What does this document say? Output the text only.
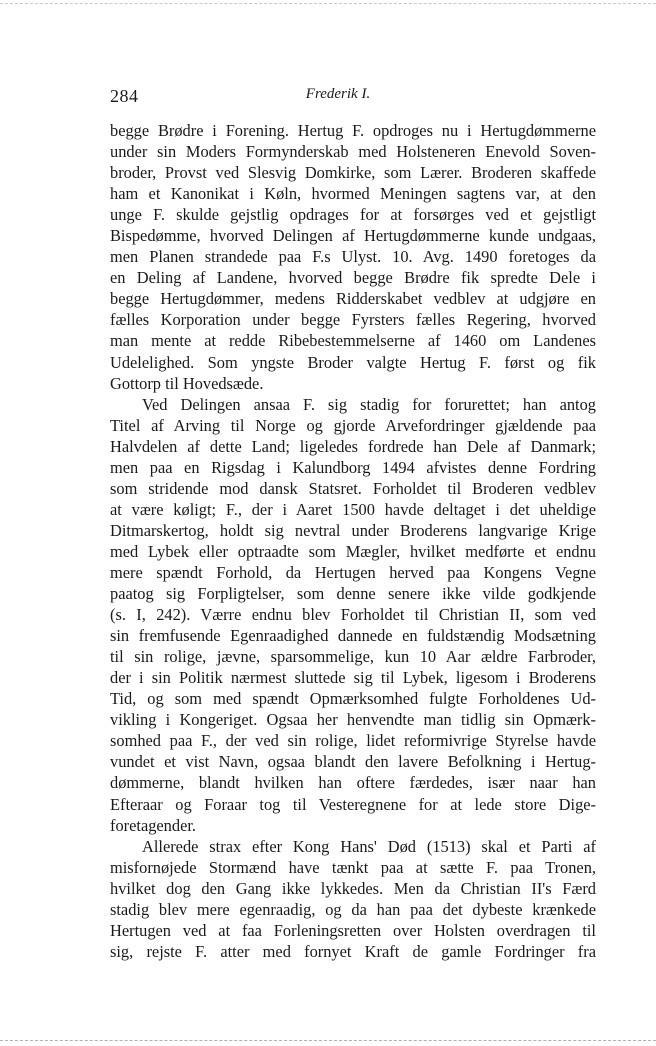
284	Frederik I.
begge Brødre i Forening. Hertug F. opdroges nu i Hertugdømmerne
under sin Moders Formynderskab med Holsteneren Enevold Soven-
broder, Provst ved Slesvig Domkirke, som Lærer. Broderen skaffede
ham et Kanonikat i Køln, hvormed Meningen sagtens var, at den
unge F. skulde gejstlig opdrages for at forsørges ved et gejstligt
Bispedømme, hvorved Delingen af Hertugdømmerne kunde undgaas,
men Planen strandede paa F.s Ulyst. 10. Avg. 1490 foretoges da
en Deling af Landene, hvorved begge Brødre fik spredte Dele i
begge Hertugdømmer, medens Ridderskabet vedblev at udgjøre en
fælles Korporation under begge Fyrsters fælles Regering, hvorved
man mente at redde Ribebestemmelserne af 1460 om Landenes
Udelelighed. Som yngste Broder valgte Hertug F. først og fik
Gottorp til Hovedsæde.
Ved Delingen ansaa F. sig stadig for forurettet; han antog
Titel af Arving til Norge og gjorde Arvefordringer gjældende paa
Halvdelen af dette Land; ligeledes fordrede han Dele af Danmark;
men paa en Rigsdag i Kalundborg 1494 afvistes denne Fordring
som stridende mod dansk Statsret. Forholdet til Broderen vedblev
at være køligt; F., der i Aaret 1500 havde deltaget i det uheldige
Ditmarskertog, holdt sig nevtral under Broderens langvarige Krige
med Lybek eller optraadte som Mægler, hvilket medførte et endnu
mere spændt Forhold, da Hertugen herved paa Kongens Vegne
paatog sig Forpligtelser, som denne senere ikke vilde godkjende
(s. I, 242). Værre endnu blev Forholdet til Christian II, som ved
sin fremfusende Egenraadighed dannede en fuldstændig Modsætning
til sin rolige, jævne, sparsommelige, kun 10 Aar ældre Farbroder,
der i sin Politik nærmest sluttede sig til Lybek, ligesom i Broderens
Tid, og som med spændt Opmærksomhed fulgte Forholdenes Ud-
vikling i Kongeriget. Ogsaa her henvendte man tidlig sin Opmærk-
somhed paa F., der ved sin rolige, lidet reformivrige Styrelse havde
vundet et vist Navn, ogsaa blandt den lavere Befolkning i Hertug-
dømmerne, blandt hvilken han oftere færdedes, især naar han
Efteraar og Foraar tog til Vesteregnene for at lede store Dige-
foretagender.
Allerede strax efter Kong Hans' Død (1513) skal et Parti af
misfornøjede Stormænd have tænkt paa at sætte F. paa Tronen,
hvilket dog den Gang ikke lykkedes. Men da Christian II's Færd
stadig blev mere egenraadig, og da han paa det dybeste krænkede
Hertugen ved at faa Forleningsretten over Holsten overdragen til
sig, rejste F. atter med fornyet Kraft de gamle Fordringer fra
